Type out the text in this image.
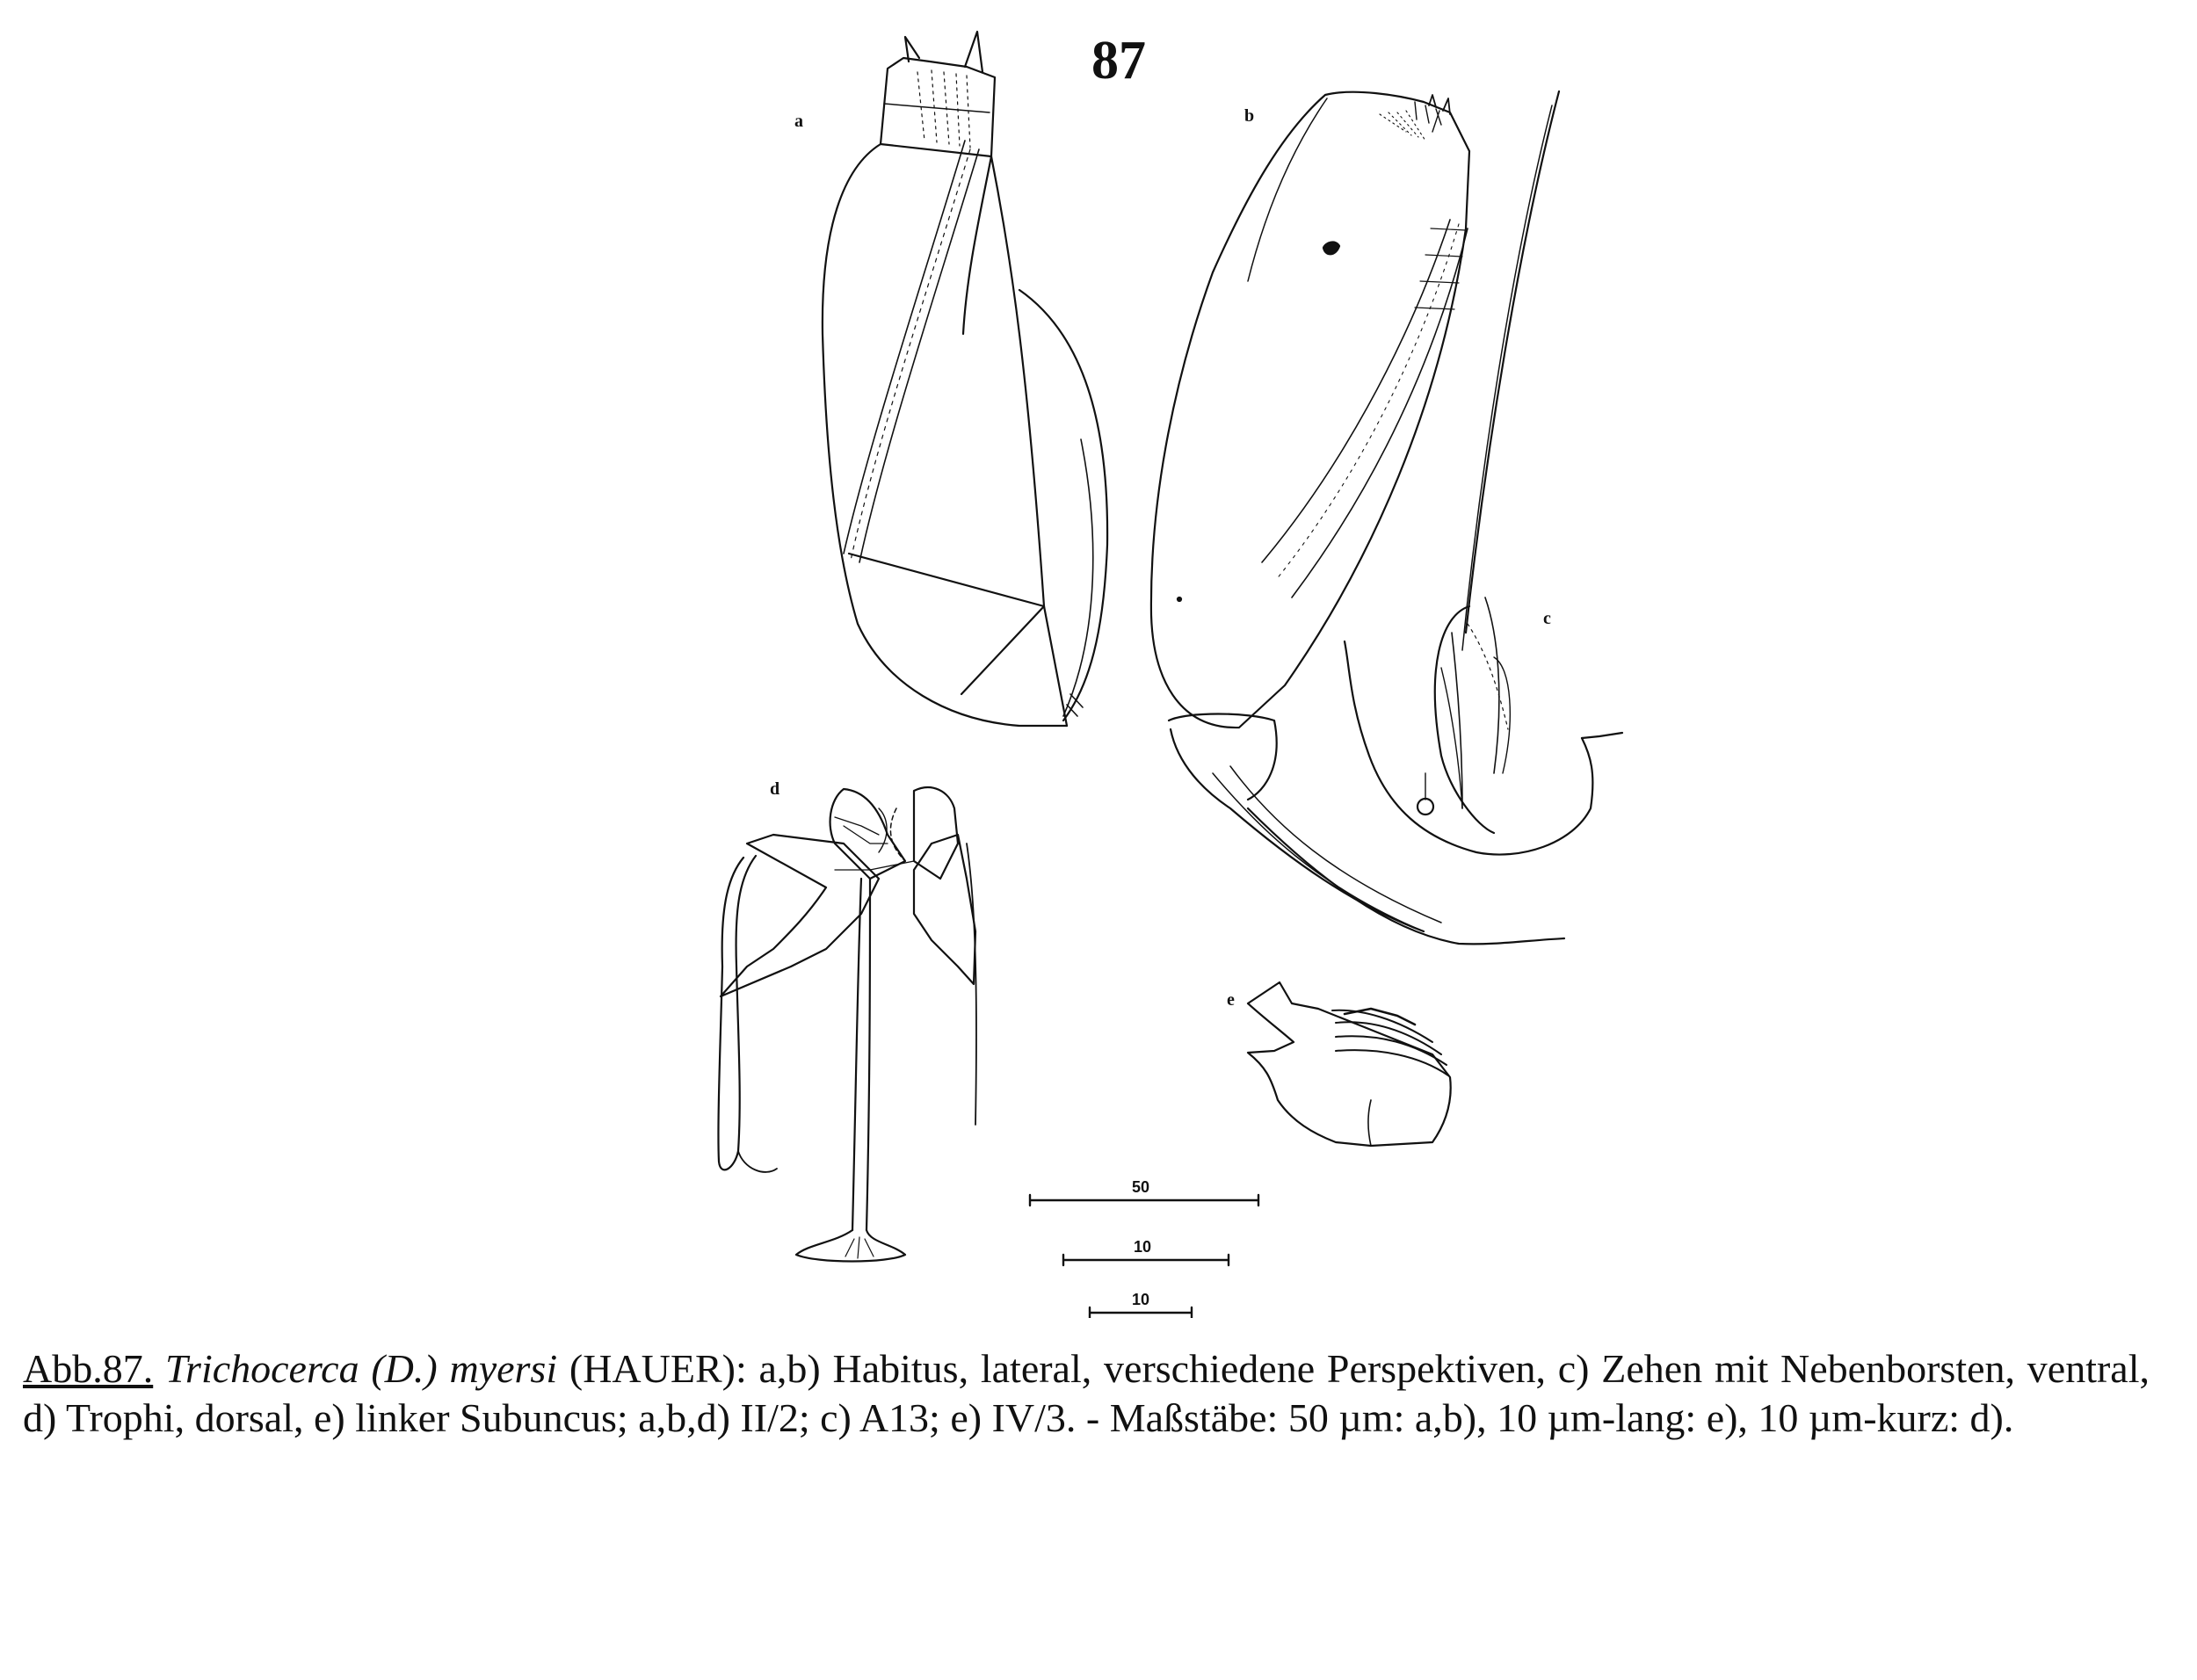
87
a	b
c
d
e
50
10
10
Abb.87. Trichocerca (D.) myersi (HAUER): a,b) Habitus, lateral, verschiedene Perspektiven, c) Zehen mit Nebenborsten, ventral, d) Trophi, dorsal, e) linker Subuncus; a,b,d) II/2; c) A13; e) IV/3. - Maßstäbe: 50 µm: a,b), 10 µm-lang: e), 10 µm-kurz: d).
